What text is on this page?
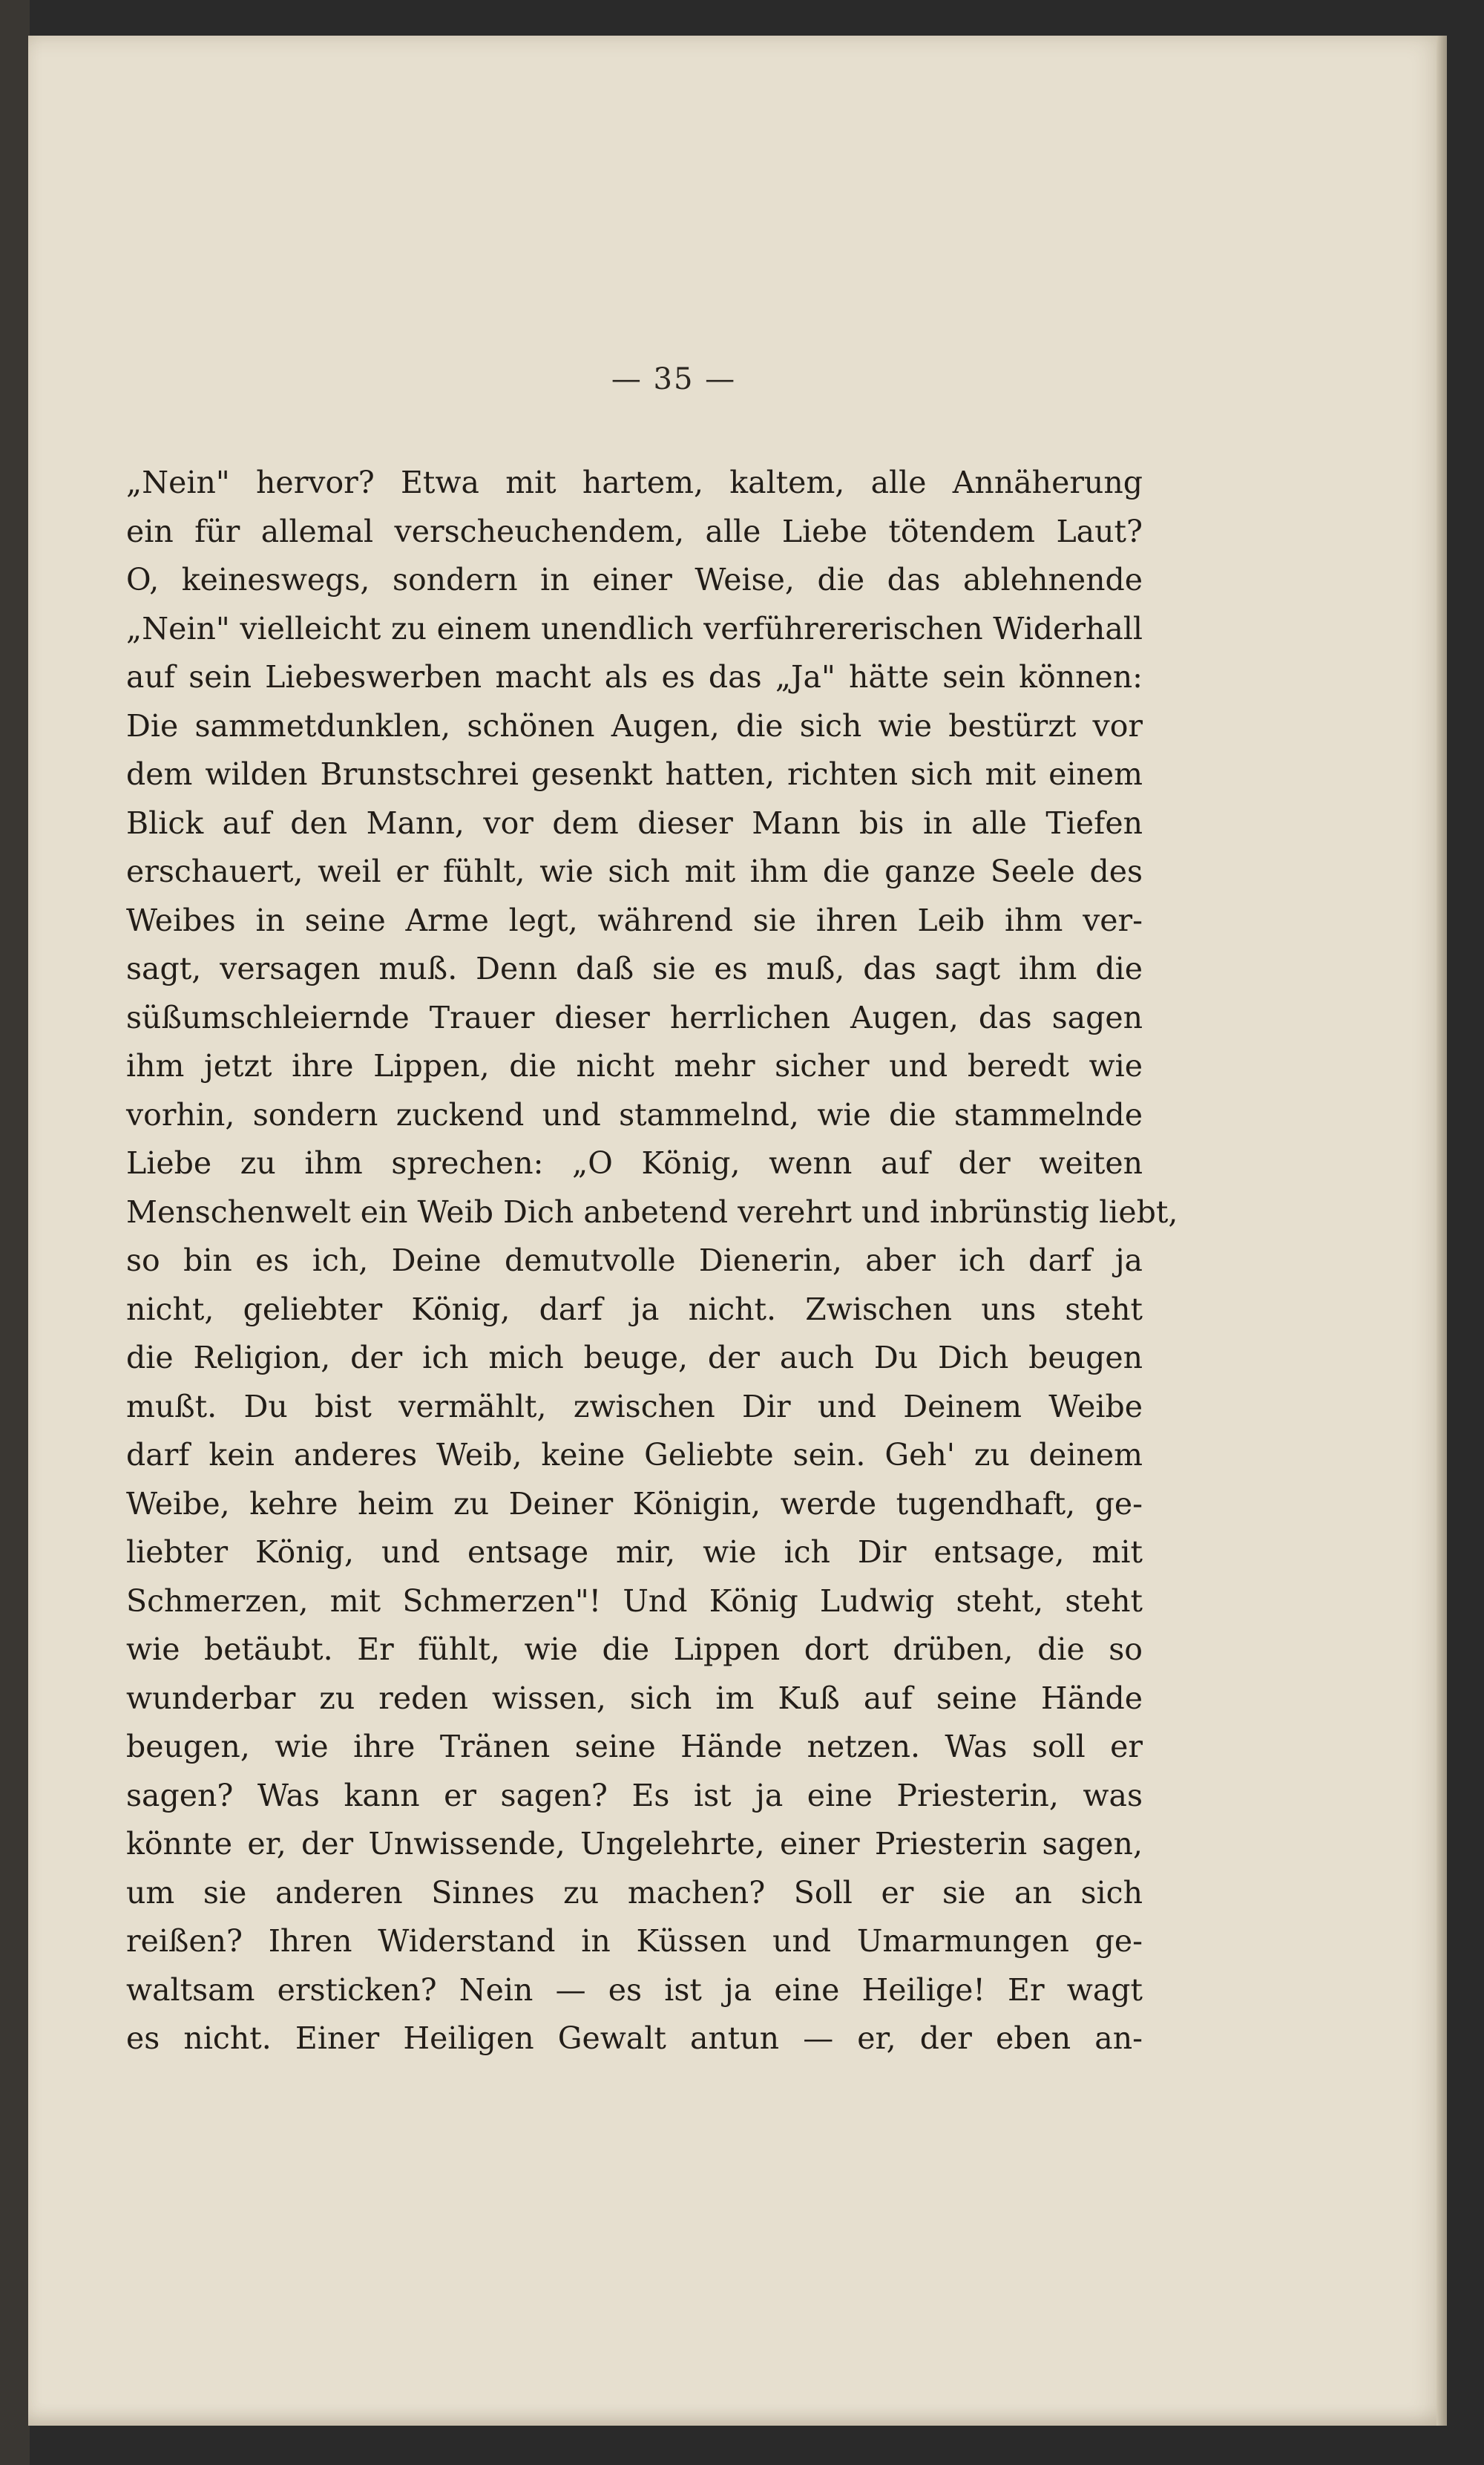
— 35 —
„Nein" hervor? Etwa mit hartem, kaltem, alle Annäherung
ein für allemal verscheuchendem, alle Liebe tötendem Laut?
O, keineswegs, sondern in einer Weise, die das ablehnende
„Nein" vielleicht zu einem unendlich verführererischen Widerhall
auf sein Liebeswerben macht als es das „Ja" hätte sein können:
Die sammetdunklen, schönen Augen, die sich wie bestürzt vor
dem wilden Brunstschrei gesenkt hatten, richten sich mit einem
Blick auf den Mann, vor dem dieser Mann bis in alle Tiefen
erschauert, weil er fühlt, wie sich mit ihm die ganze Seele des
Weibes in seine Arme legt, während sie ihren Leib ihm ver-
sagt, versagen muß. Denn daß sie es muß, das sagt ihm die
süßumschleiernde Trauer dieser herrlichen Augen, das sagen
ihm jetzt ihre Lippen, die nicht mehr sicher und beredt wie
vorhin, sondern zuckend und stammelnd, wie die stammelnde
Liebe zu ihm sprechen: „O König, wenn auf der weiten
Menschenwelt ein Weib Dich anbetend verehrt und inbrünstig liebt,
so bin es ich, Deine demutvolle Dienerin, aber ich darf ja
nicht, geliebter König, darf ja nicht. Zwischen uns steht
die Religion, der ich mich beuge, der auch Du Dich beugen
mußt. Du bist vermählt, zwischen Dir und Deinem Weibe
darf kein anderes Weib, keine Geliebte sein. Geh' zu deinem
Weibe, kehre heim zu Deiner Königin, werde tugendhaft, ge-
liebter König, und entsage mir, wie ich Dir entsage, mit
Schmerzen, mit Schmerzen"! Und König Ludwig steht, steht
wie betäubt. Er fühlt, wie die Lippen dort drüben, die so
wunderbar zu reden wissen, sich im Kuß auf seine Hände
beugen, wie ihre Tränen seine Hände netzen. Was soll er
sagen? Was kann er sagen? Es ist ja eine Priesterin, was
könnte er, der Unwissende, Ungelehrte, einer Priesterin sagen,
um sie anderen Sinnes zu machen? Soll er sie an sich
reißen? Ihren Widerstand in Küssen und Umarmungen ge-
waltsam ersticken? Nein — es ist ja eine Heilige! Er wagt
es nicht. Einer Heiligen Gewalt antun — er, der eben an-
